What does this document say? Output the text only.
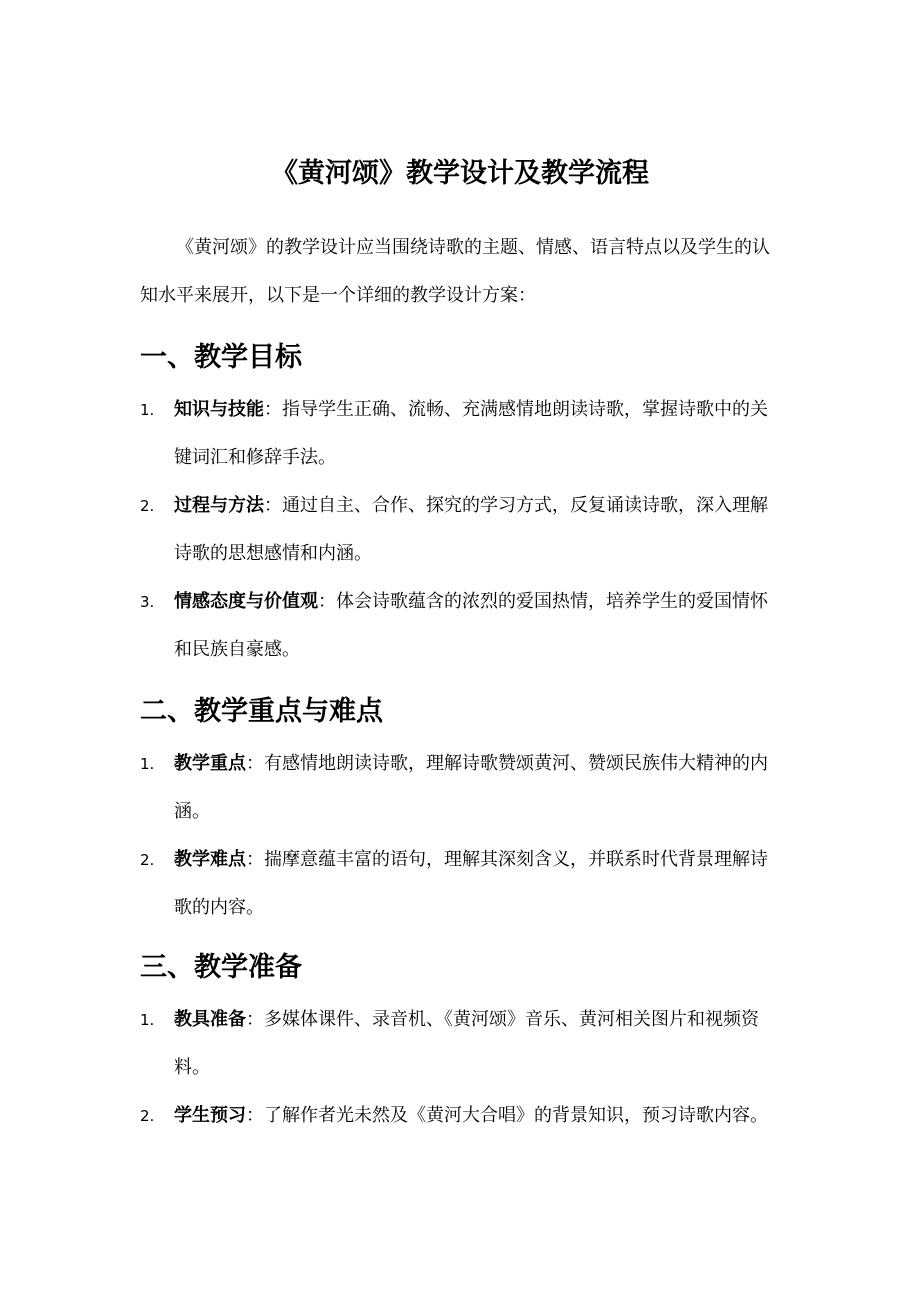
《黄河颂》教学设计及教学流程

《黄河颂》的教学设计应当围绕诗歌的主题、情感、语言特点以及学生的认知水平来展开，以下是一个详细的教学设计方案：

一、教学目标

1. 知识与技能：指导学生正确、流畅、充满感情地朗读诗歌，掌握诗歌中的关键词汇和修辞手法。

2. 过程与方法：通过自主、合作、探究的学习方式，反复诵读诗歌，深入理解诗歌的思想感情和内涵。

3. 情感态度与价值观：体会诗歌蕴含的浓烈的爱国热情，培养学生的爱国情怀和民族自豪感。

二、教学重点与难点

1. 教学重点：有感情地朗读诗歌，理解诗歌赞颂黄河、赞颂民族伟大精神的内涵。

2. 教学难点：揣摩意蕴丰富的语句，理解其深刻含义，并联系时代背景理解诗歌的内容。

三、教学准备

1. 教具准备：多媒体课件、录音机、《黄河颂》音乐、黄河相关图片和视频资料。

2. 学生预习：了解作者光未然及《黄河大合唱》的背景知识，预习诗歌内容。
